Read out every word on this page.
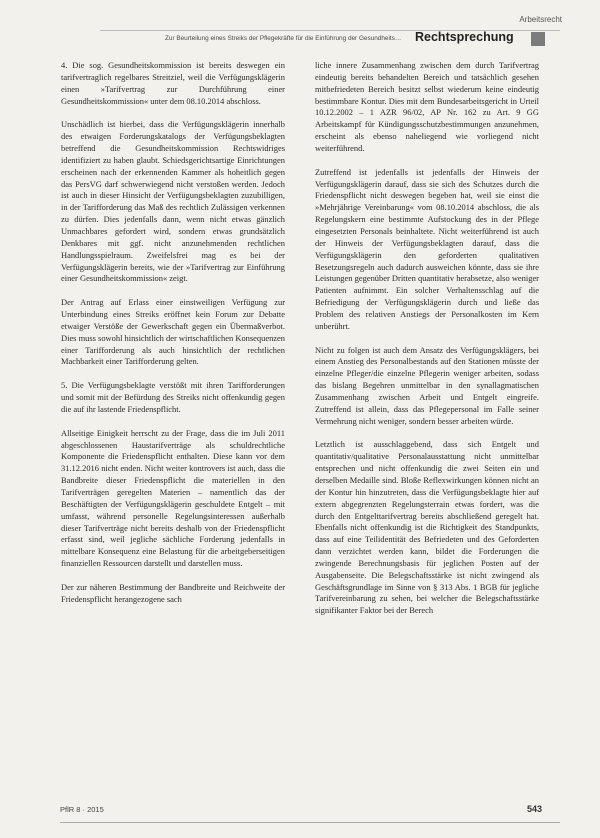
Arbeitsrecht
Zur Beurteilung eines Streiks der Pflegekräfte für die Einführung der Gesundheits…	Rechtsprechung

4. Die sog. Gesundheitskommission ist bereits deswegen ein tarifvertraglich regelbares Streitziel, weil die Verfügungsklägerin einen »Tarifvertrag zur Durchführung einer Gesundheitskommission« unter dem 08.10.2014 abschloss.

Unschädlich ist hierbei, dass die Verfügungsklägerin innerhalb des etwaigen Forderungskatalogs der Verfügungsbeklagten betreffend die Gesundheitskommission Rechtswidriges identifiziert zu haben glaubt. Schiedsgerichtsartige Einrichtungen erscheinen nach der erkennenden Kammer als hoheitlich gegen das PersVG darf schwerwiegend nicht verstoßen werden. Jedoch ist auch in dieser Hinsicht der Verfügungsbeklagten zuzubilligen, in der Tarifforderung das Maß des rechtlich Zulässigen verkennen zu dürfen. Dies jedenfalls dann, wenn nicht etwas gänzlich Unmachbares gefordert wird, sondern etwas grundsätzlich Denkbares mit ggf. nicht anzunehmenden rechtlichen Handlungsspielraum. Zweifelsfrei mag es bei der Verfügungsklägerin bereits, wie der »Tarifvertrag zur Einführung einer Gesundheitskommission« zeigt.

Der Antrag auf Erlass einer einstweiligen Verfügung zur Unterbindung eines Streiks eröffnet kein Forum zur Debatte etwaiger Verstöße der Gewerkschaft gegen ein Übermaßverbot. Dies muss sowohl hinsichtlich der wirtschaftlichen Konsequenzen einer Tarifforderung als auch hinsichtlich der rechtlichen Machbarkeit einer Tarifforderung gelten.

5. Die Verfügungsbeklagte verstößt mit ihren Tarifforderungen und somit mit der Befürdung des Streiks nicht offenkundig gegen die auf ihr lastende Friedenspflicht.

Allseitige Einigkeit herrscht zu der Frage, dass die im Juli 2011 abgeschlossenen Haustarifverträge als schuldrechtliche Komponente die Friedenspflicht enthalten. Diese kann vor dem 31.12.2016 nicht enden. Nicht weiter kontrovers ist auch, dass die Bandbreite dieser Friedenspflicht die materiellen in den Tarifverträgen geregelten Materien – namentlich das der Beschäftigten der Verfügungsklägerin geschuldete Entgelt – mit umfasst, während personelle Regelungsinteressen außerhalb dieser Tarifverträge nicht bereits deshalb von der Friedenspflicht erfasst sind, weil jegliche sächliche Forderung jedenfalls in mittelbare Konsequenz eine Belastung für die arbeitgeberseitigen finanziellen Ressourcen darstellt und darstellen muss.

Der zur näheren Bestimmung der Bandbreite und Reichweite der Friedenspflicht herangezogene sach

liche innere Zusammenhang zwischen dem durch Tarifvertrag eindeutig bereits behandelten Bereich und tatsächlich gesehen mitbefriedeten Bereich besitzt selbst wiederum keine eindeutig bestimmbare Kontur. Dies mit dem Bundesarbeitsgericht in Urteil 10.12.2002 – 1 AZR 96/02, AP Nr. 162 zu Art. 9 GG Arbeitskampf für Kündigungsschutzbestimmungen anzunehmen, erscheint als ebenso naheliegend wie vorliegend nicht weiterführend.

Zutreffend ist jedenfalls ist jedenfalls der Hinweis der Verfügungsklägerin darauf, dass sie sich des Schutzes durch die Friedenspflicht nicht deswegen begeben hat, weil sie einst die »Mehrjährige Vereinbarung« vom 08.10.2014 abschloss, die als Regelungskern eine bestimmte Aufstockung des in der Pflege eingesetzten Personals beinhaltete. Nicht weiterführend ist auch der Hinweis der Verfügungsbeklagten darauf, dass die Verfügungsklägerin den geforderten qualitativen Besetzungsregeln auch dadurch ausweichen könnte, dass sie ihre Leistungen gegenüber Dritten quantitativ herabsetze, also weniger Patienten aufnimmt. Ein solcher Verhaltensschlag auf die Befriedigung der Verfügungsklägerin durch und ließe das Problem des relativen Anstiegs der Personalkosten im Kern unberührt.

Nicht zu folgen ist auch dem Ansatz des Verfügungsklägers, bei einem Anstieg des Personalbestands auf den Stationen müsste der einzelne Pfleger/die einzelne Pflegerin weniger arbeiten, sodass das bislang Begehren unmittelbar in den synallagmatischen Zusammenhang zwischen Arbeit und Entgelt eingreife. Zutreffend ist allein, dass das Pflegepersonal im Falle seiner Vermehrung nicht weniger, sondern besser arbeiten würde.

Letztlich ist ausschlaggebend, dass sich Entgelt und quantitativ/qualitative Personalausstattung nicht unmittelbar entsprechen und nicht offenkundig die zwei Seiten ein und derselben Medaille sind. Bloße Reflexwirkungen können nicht an der Kontur hin hinzutreten, dass die Verfügungsbeklagte hier auf extern abgegrenzten Regelungsterrain etwas fordert, was die durch den Entgelttarifvertrag bereits abschließend geregelt hat. Ebenfalls nicht offenkundig ist die Richtigkeit des Standpunkts, dass auf eine Teilidentität des Befriedeten und des Geforderten dann verzichtet werden kann, bildet die Forderungen die zwingende Berechnungsbasis für jeglichen Posten auf der Ausgabenseite. Die Belegschaftsstärke ist nicht zwingend als Geschäftsgrundlage im Sinne von § 313 Abs. 1 BGB für jegliche Tarifvereinbarung zu sehen, bei welcher die Belegschaftsstärke signifikanter Faktor bei der Berech

PflR 8 · 2015	543
